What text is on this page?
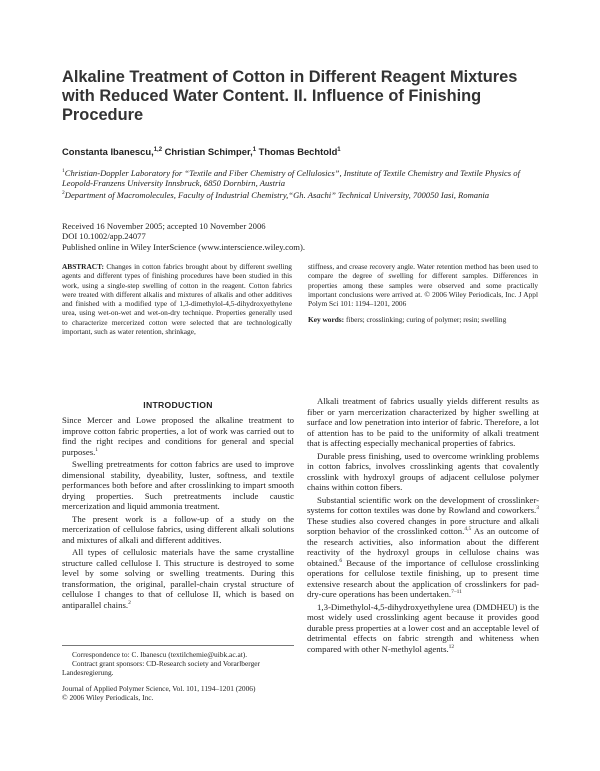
Alkaline Treatment of Cotton in Different Reagent Mixtures with Reduced Water Content. II. Influence of Finishing Procedure
Constanta Ibanescu,$^{1,2}$ Christian Schimper,$^1$ Thomas Bechtold$^1$
$^1$Christian-Doppler Laboratory for “Textile and Fiber Chemistry of Cellulosics”, Institute of Textile Chemistry and Textile Physics of Leopold-Franzens University Innsbruck, 6850 Dornbirn, Austria
$^2$Department of Macromolecules, Faculty of Industrial Chemistry,“Gh. Asachi” Technical University, 700050 Iasi, Romania
Received 16 November 2005; accepted 10 November 2006
DOI 10.1002/app.24077
Published online in Wiley InterScience (www.interscience.wiley.com).
ABSTRACT: Changes in cotton fabrics brought about by different swelling agents and different types of finishing procedures have been studied in this work, using a single-step swelling of cotton in the reagent. Cotton fabrics were treated with different alkalis and mixtures of alkalis and other additives and finished with a modified type of 1,3-dimethylol-4,5-dihydroxyethylene urea, using wet-on-wet and wet-on-dry technique. Properties generally used to characterize mercerized cotton were selected that are technologically important, such as water retention, shrinkage,
stiffness, and crease recovery angle. Water retention method has been used to compare the degree of swelling for different samples. Differences in properties among these samples were observed and some practically important conclusions were arrived at. © 2006 Wiley Periodicals, Inc. J Appl Polym Sci 101: 1194–1201, 2006
Key words: fibers; crosslinking; curing of polymer; resin; swelling
INTRODUCTION

Since Mercer and Lowe proposed the alkaline treatment to improve cotton fabric properties, a lot of work was carried out to find the right recipes and conditions for general and special purposes.$^1$

Swelling pretreatments for cotton fabrics are used to improve dimensional stability, dyeability, luster, softness, and textile performances both before and after crosslinking to impart smooth drying properties. Such pretreatments include caustic mercerization and liquid ammonia treatment.

The present work is a follow-up of a study on the mercerization of cellulose fabrics, using different alkali solutions and mixtures of alkali and different additives.

All types of cellulosic materials have the same crystalline structure called cellulose I. This structure is destroyed to some level by some solving or swelling treatments. During this transformation, the original, parallel-chain crystal structure of cellulose I changes to that of cellulose II, which is based on antiparallel chains.$^2$

Alkali treatment of fabrics usually yields different results as fiber or yarn mercerization characterized by higher swelling at surface and low penetration into interior of fabric. Therefore, a lot of attention has to be paid to the uniformity of alkali treatment that is affecting especially mechanical properties of fabrics.

Durable press finishing, used to overcome wrinkling problems in cotton fabrics, involves crosslinking agents that covalently crosslink with hydroxyl groups of adjacent cellulose polymer chains within cotton fibers.

Substantial scientific work on the development of crosslinker-systems for cotton textiles was done by Rowland and coworkers.$^3$ These studies also covered changes in pore structure and alkali sorption behavior of the crosslinked cotton.$^{4,5}$ As an outcome of the research activities, also information about the different reactivity of the hydroxyl groups in cellulose chains was obtained.$^6$ Because of the importance of cellulose crosslinking operations for cellulose textile finishing, up to present time extensive research about the application of crosslinkers for pad-dry-cure operations has been undertaken.$^{7-11}$

1,3-Dimethylol-4,5-dihydroxyethylene urea (DMDHEU) is the most widely used crosslinking agent because it provides good durable press properties at a lower cost and an acceptable level of detrimental effects on fabric strength and whiteness when compared with other N-methylol agents.$^{12}$

Correspondence to: C. Ibanescu (textilchemie@uibk.ac.at).

Contract grant sponsors: CD-Research society and Vorarlberger Landesregierung.

Journal of Applied Polymer Science, Vol. 101, 1194–1201 (2006)

© 2006 Wiley Periodicals, Inc.
